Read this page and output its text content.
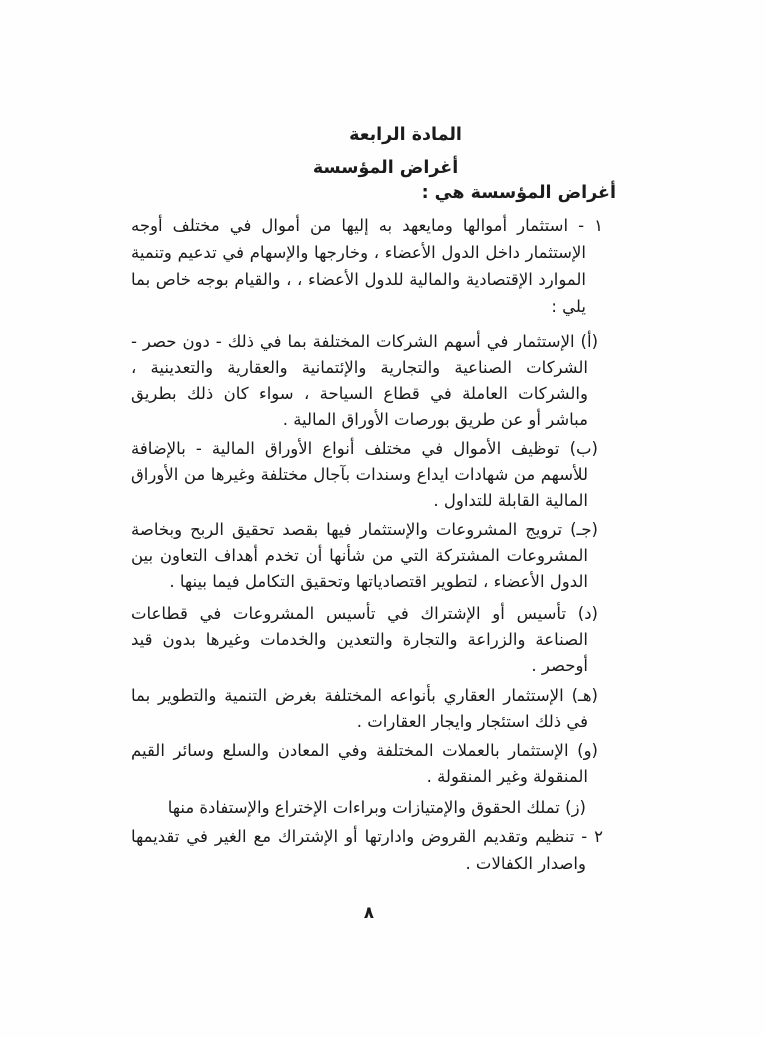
المادة الرابعة
أغراض المؤسسة
أغراض المؤسسة هي :

١ - استثمار أموالها ومايعهد به إليها من أموال في مختلف أوجه الإستثمار داخل الدول الأعضاء ، وخارجها والإسهام في تدعيم وتنمية الموارد الإقتصادية والمالية للدول الأعضاء ، ، والقيام بوجه خاص بما يلي :

(أ) الإستثمار في أسهم الشركات المختلفة بما في ذلك - دون حصر - الشركات الصناعية والتجارية والإئتمانية والعقارية والتعدينية ، والشركات العاملة في قطاع السياحة ، سواء كان ذلك بطريق مباشر أو عن طريق بورصات الأوراق المالية .

(ب) توظيف الأموال في مختلف أنواع الأوراق المالية - بالإضافة للأسهم من شهادات ايداع وسندات بآجال مختلفة وغيرها من الأوراق المالية القابلة للتداول .

(جـ) ترويج المشروعات والإستثمار فيها بقصد تحقيق الربح وبخاصة المشروعات المشتركة التي من شأنها أن تخدم أهداف التعاون بين الدول الأعضاء ، لتطوير اقتصادياتها وتحقيق التكامل فيما بينها .

(د) تأسيس أو الإشتراك في تأسيس المشروعات في قطاعات الصناعة والزراعة والتجارة والتعدين والخدمات وغيرها بدون قيد أوحصر .

(هـ) الإستثمار العقاري بأنواعه المختلفة بغرض التنمية والتطوير بما في ذلك استئجار وايجار العقارات .

(و) الإستثمار بالعملات المختلفة وفي المعادن والسلع وسائر القيم المنقولة وغير المنقولة .

(ز) تملك الحقوق والإمتيازات وبراءات الإختراع والإستفادة منها

٢ - تنظيم وتقديم القروض وادارتها أو الإشتراك مع الغير في تقديمها واصدار الكفالات .

٨
